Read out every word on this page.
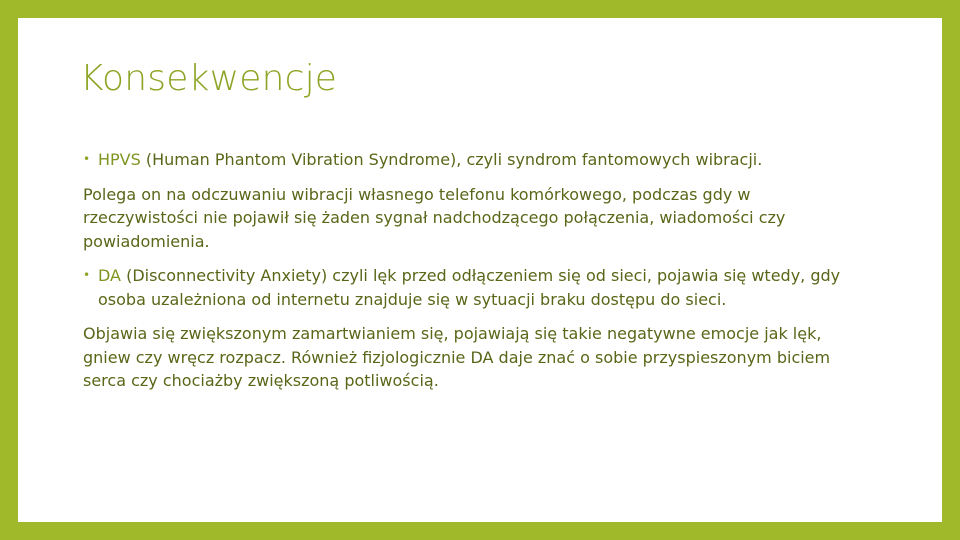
Konsekwencje
• HPVS (Human Phantom Vibration Syndrome), czyli syndrom fantomowych wibracji.

Polega on na odczuwaniu wibracji własnego telefonu komórkowego, podczas gdy w rzeczywistości nie pojawił się żaden sygnał nadchodzącego połączenia, wiadomości czy powiadomienia.

• DA (Disconnectivity Anxiety) czyli lęk przed odłączeniem się od sieci, pojawia się wtedy, gdy osoba uzależniona od internetu znajduje się w sytuacji braku dostępu do sieci.

Objawia się zwiększonym zamartwianiem się, pojawiają się takie negatywne emocje jak lęk, gniew czy wręcz rozpacz. Również fizjologicznie DA daje znać o sobie przyspieszonym biciem serca czy chociażby zwiększoną potliwością.
